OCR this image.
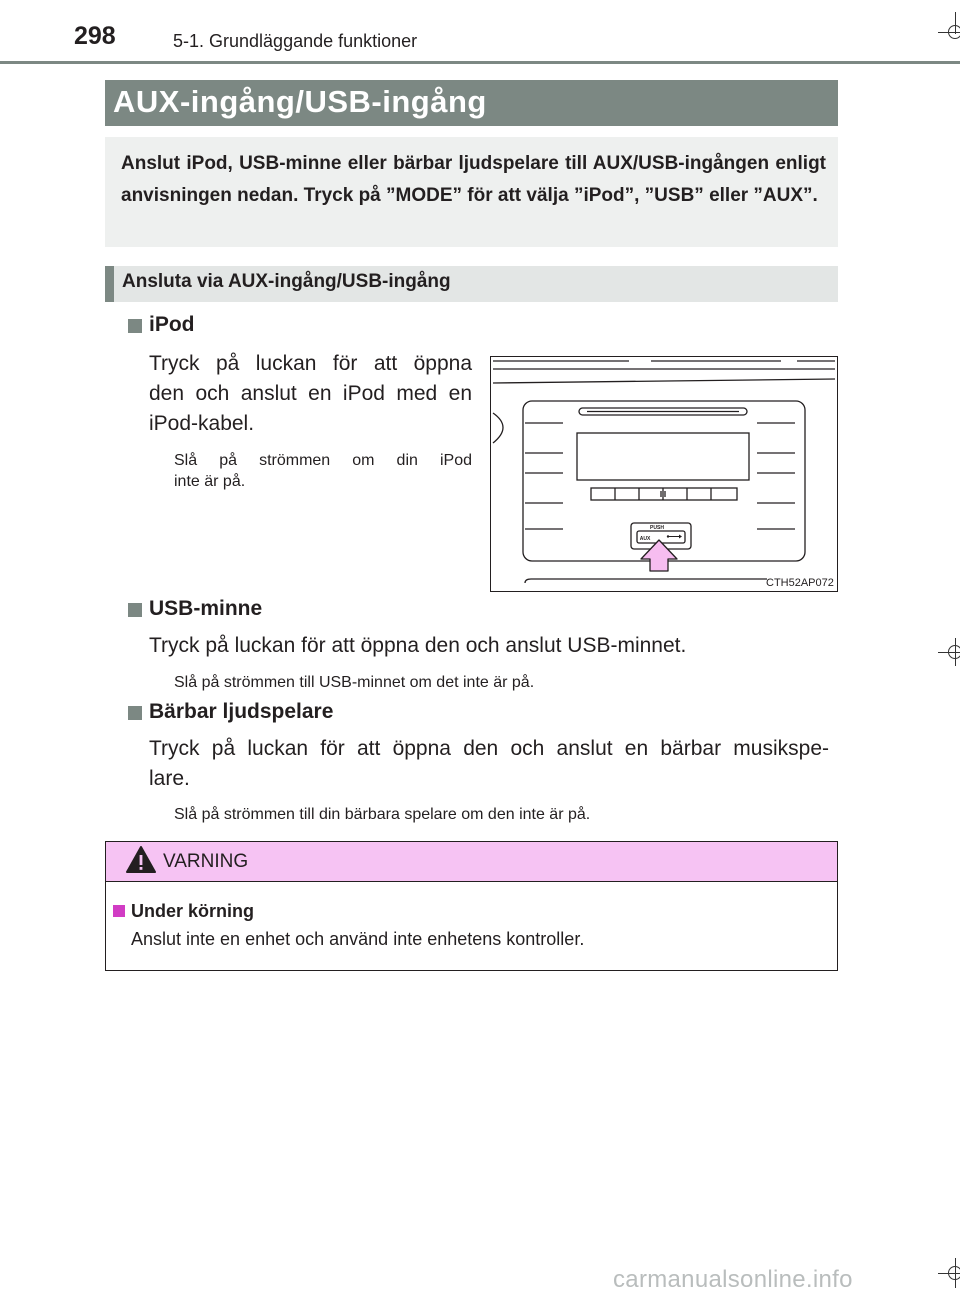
298	5-1. Grundläggande funktioner
AUX-ingång/USB-ingång
Anslut iPod, USB-minne eller bärbar ljudspelare till AUX/USB-ingången enligt anvisningen nedan. Tryck på ”MODE” för att välja ”iPod”, ”USB” eller ”AUX”.
Ansluta via AUX-ingång/USB-ingång
iPod
Tryck på luckan för att öppna
den och anslut en iPod med en
iPod-kabel.
Slå på strömmen om din iPod
inte är på.
PUSH
AUX
CTH52AP072
USB-minne
Tryck på luckan för att öppna den och anslut USB-minnet.
Slå på strömmen till USB-minnet om det inte är på.
Bärbar ljudspelare
Tryck på luckan för att öppna den och anslut en bärbar musikspe-
lare.
Slå på strömmen till din bärbara spelare om den inte är på.
VARNING
Under körning
Anslut inte en enhet och använd inte enhetens kontroller.
carmanualsonline.info
